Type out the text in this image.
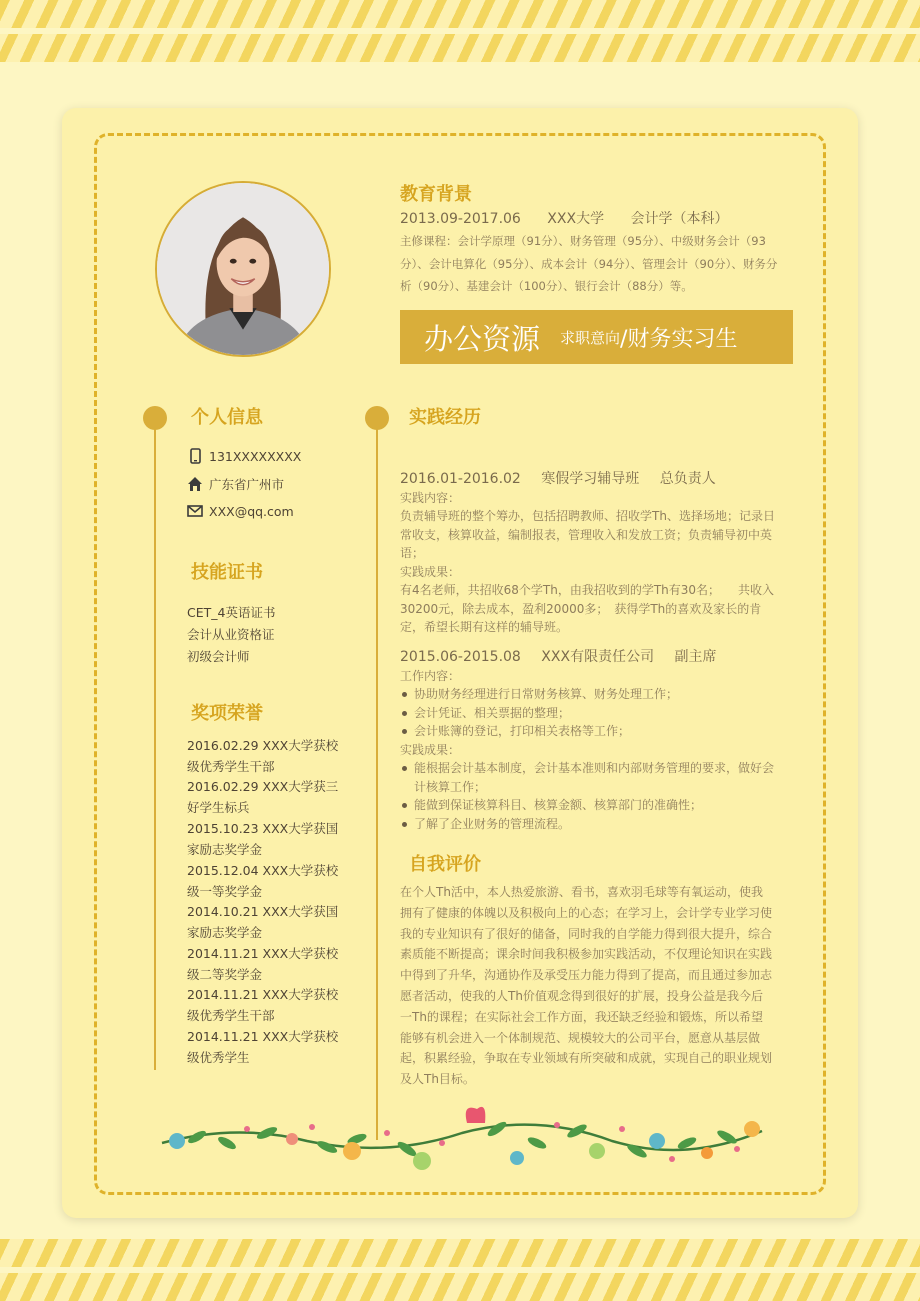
教育背景
2013.09-2017.06 XXX大学 会计学（本科）
主修课程：会计学原理（91分）、财务管理（95分）、中级财务会计（93分）、会计电算化（95分）、成本会计（94分）、管理会计（90分）、财务分析（90分）、基建会计（100分）、银行会计（88分）等。
办公资源 求职意向 /财务实习生
个人信息
131XXXXXXXX
广东省广州市
XXX@qq.com
技能证书
CET_4英语证书
会计从业资格证
初级会计师
奖项荣誉
2016.02.29 XXX大学获校级优秀学生干部
2016.02.29 XXX大学获三好学生标兵
2015.10.23 XXX大学获国家励志奖学金
2015.12.04 XXX大学获校级一等奖学金
2014.10.21 XXX大学获国家励志奖学金
2014.11.21 XXX大学获校级二等奖学金
2014.11.21 XXX大学获校级优秀学生干部
2014.11.21 XXX大学获校级优秀学生
实践经历
2016.01-2016.02 寒假学习辅导班 总负责人
实践内容：
负责辅导班的整个筹办，包括招聘教师、招收学Th、选择场地；记录日常收支，核算收益，编制报表，管理收入和发放工资；负责辅导初中英语；
实践成果：
有4名老师，共招收68个学Th，由我招收到的学Th有30名；　　共收入30200元，除去成本，盈利20000多；　获得学Th的喜欢及家长的肯定，希望长期有这样的辅导班。
2015.06-2015.08 XXX有限责任公司 副主席
工作内容：
协助财务经理进行日常财务核算、财务处理工作；
会计凭证、相关票据的整理；
会计账簿的登记，打印相关表格等工作；
实践成果：
能根据会计基本制度，会计基本准则和内部财务管理的要求，做好会计核算工作；
能做到保证核算科目、核算金额、核算部门的准确性；
了解了企业财务的管理流程。
自我评价
在个人Th活中，本人热爱旅游、看书，喜欢羽毛球等有氧运动，使我拥有了健康的体魄以及积极向上的心态；在学习上，会计学专业学习使我的专业知识有了很好的储备，同时我的自学能力得到很大提升，综合素质能不断提高；课余时间我积极参加实践活动，不仅理论知识在实践中得到了升华，沟通协作及承受压力能力得到了提高，而且通过参加志愿者活动，使我的人Th价值观念得到很好的扩展，投身公益是我今后一Th的课程；在实际社会工作方面，我还缺乏经验和锻炼，所以希望能够有机会进入一个体制规范、规模较大的公司平台，愿意从基层做起，积累经验，争取在专业领域有所突破和成就，实现自己的职业规划及人Th目标。
